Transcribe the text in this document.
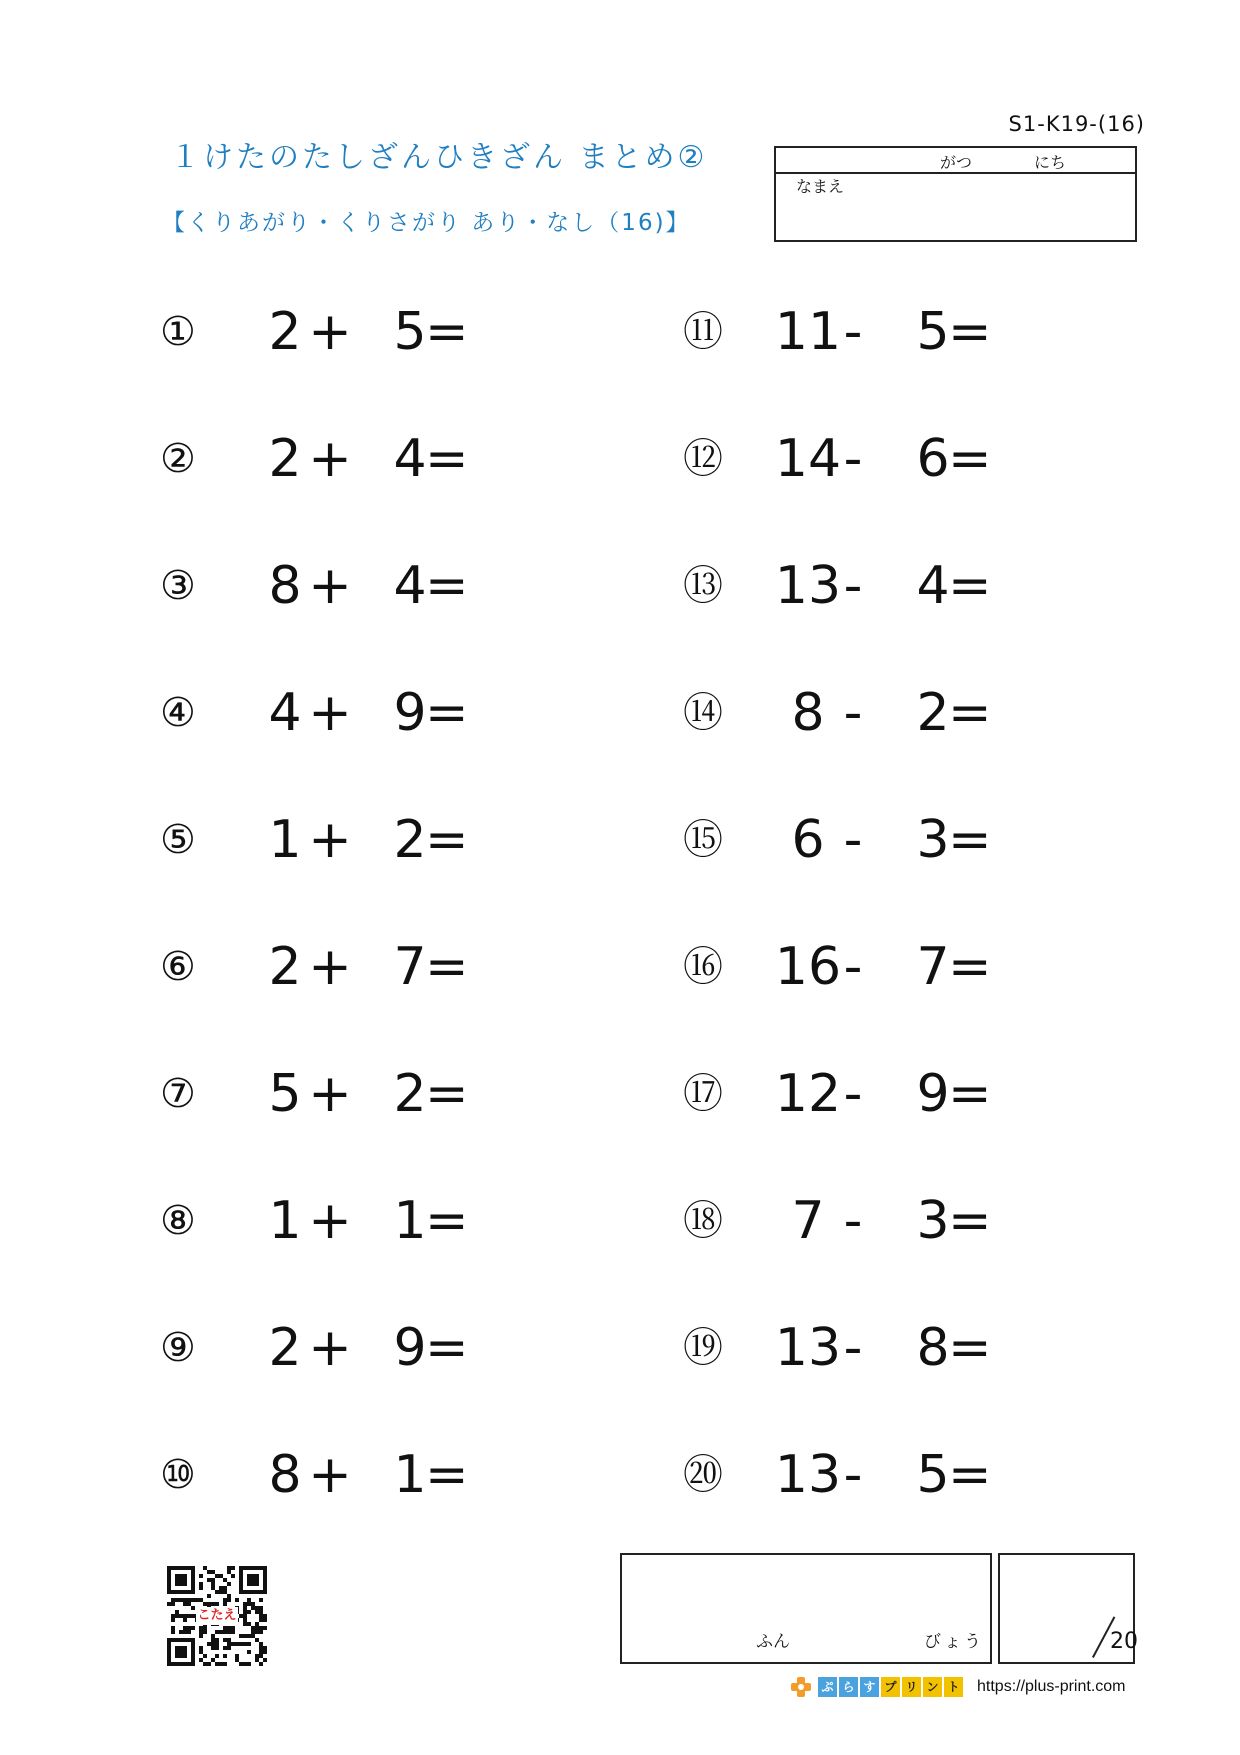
S1-K19-(16)
１けたのたしざんひきざん まとめ②
【くりあがり・くりさがり あり・なし（16)】
がつ	にち
なまえ
①	2 + 5
=
②	2 + 4
=
③	8 + 4
=
④	4 + 9
=
⑤	1 + 2
=
⑥	2 + 7
=
⑦	5 + 2
=
⑧	1 + 1
=
⑨	2 + 9
=
⑩	8 + 1
=
⑪ 11 -	5
=
⑫ 14 -	6
=
⑬ 13 -	4
=
⑭	8 -	2
=
⑮	6 -	3
=
⑯ 16 -	7
=
⑰ 12 -	9
=
⑱	7 -	3
=
⑲ 13 -	8
=
⑳ 13 -	5
=
こたえ
ふん	びょう	20
ぷ ら す プ リ ン ト https://plus-print.com
